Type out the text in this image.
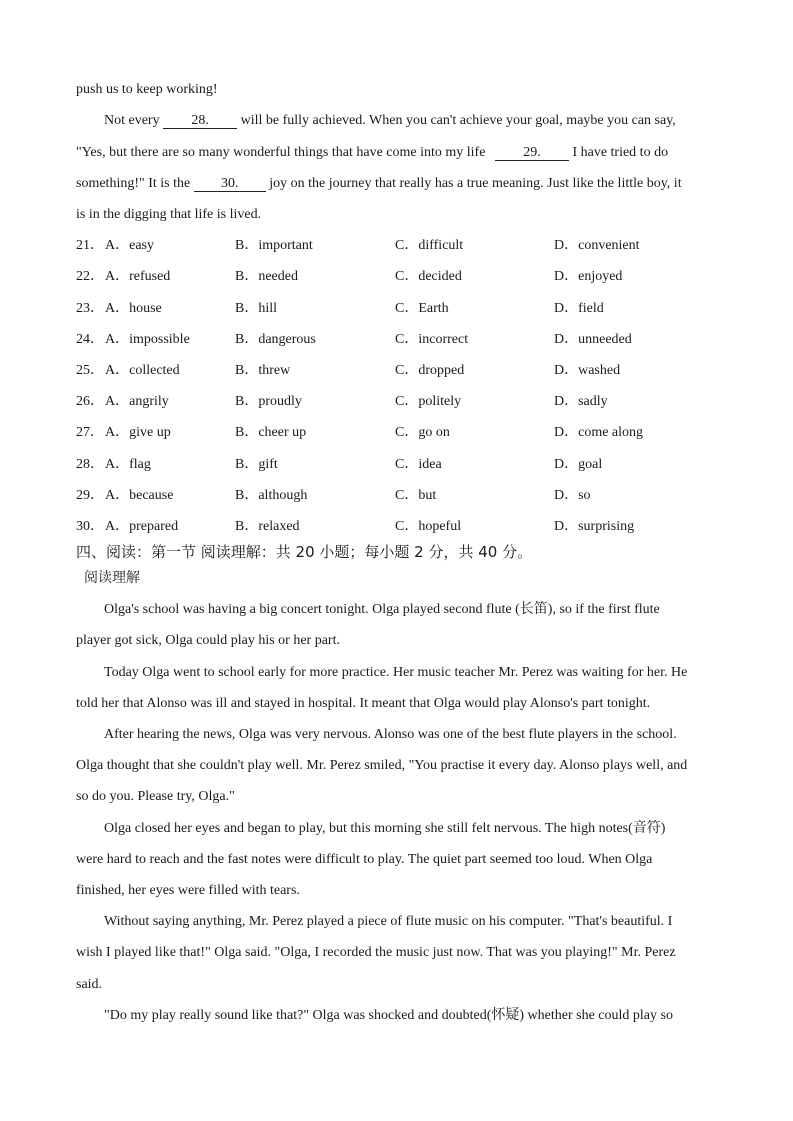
push us to keep working!
Not every 28. will be fully achieved. When you can't achieve your goal, maybe you can say,
"Yes, but there are so many wonderful things that have come into my life	29. I have tried to do
something!" It is the 30. joy on the journey that really has a true meaning. Just like the little boy, it
is in the digging that life is lived.
21． A．easy	B．important	C．difficult	D．convenient
22． A．refused	B．needed	C．decided	D．enjoyed
23． A．house	B．hill	C．Earth	D．field
24． A．impossible	B．dangerous	C．incorrect	D．unneeded
25． A．collected	B．threw	C．dropped	D．washed
26． A．angrily	B．proudly	C．politely	D．sadly
27． A．give up	B．cheer up	C．go on	D．come along
28． A．flag	B．gift	C．idea	D．goal
29． A．because	B．although	C．but	D．so
30． A．prepared	B．relaxed	C．hopeful	D．surprising
四、阅读：第一节 阅读理解：共 20 小题；每小题 2 分，共 40 分。
阅读理解
Olga's school was having a big concert tonight. Olga played second flute (长笛), so if the first flute
player got sick, Olga could play his or her part.
Today Olga went to school early for more practice. Her music teacher Mr. Perez was waiting for her. He
told her that Alonso was ill and stayed in hospital. It meant that Olga would play Alonso's part tonight.
After hearing the news, Olga was very nervous. Alonso was one of the best flute players in the school.
Olga thought that she couldn't play well. Mr. Perez smiled, "You practise it every day. Alonso plays well, and
so do you. Please try, Olga."
Olga closed her eyes and began to play, but this morning she still felt nervous. The high notes(音符)
were hard to reach and the fast notes were difficult to play. The quiet part seemed too loud. When Olga
finished, her eyes were filled with tears.
Without saying anything, Mr. Perez played a piece of flute music on his computer. "That's beautiful. I
wish I played like that!" Olga said. "Olga, I recorded the music just now. That was you playing!" Mr. Perez
said.
"Do my play really sound like that?" Olga was shocked and doubted(怀疑) whether she could play so
